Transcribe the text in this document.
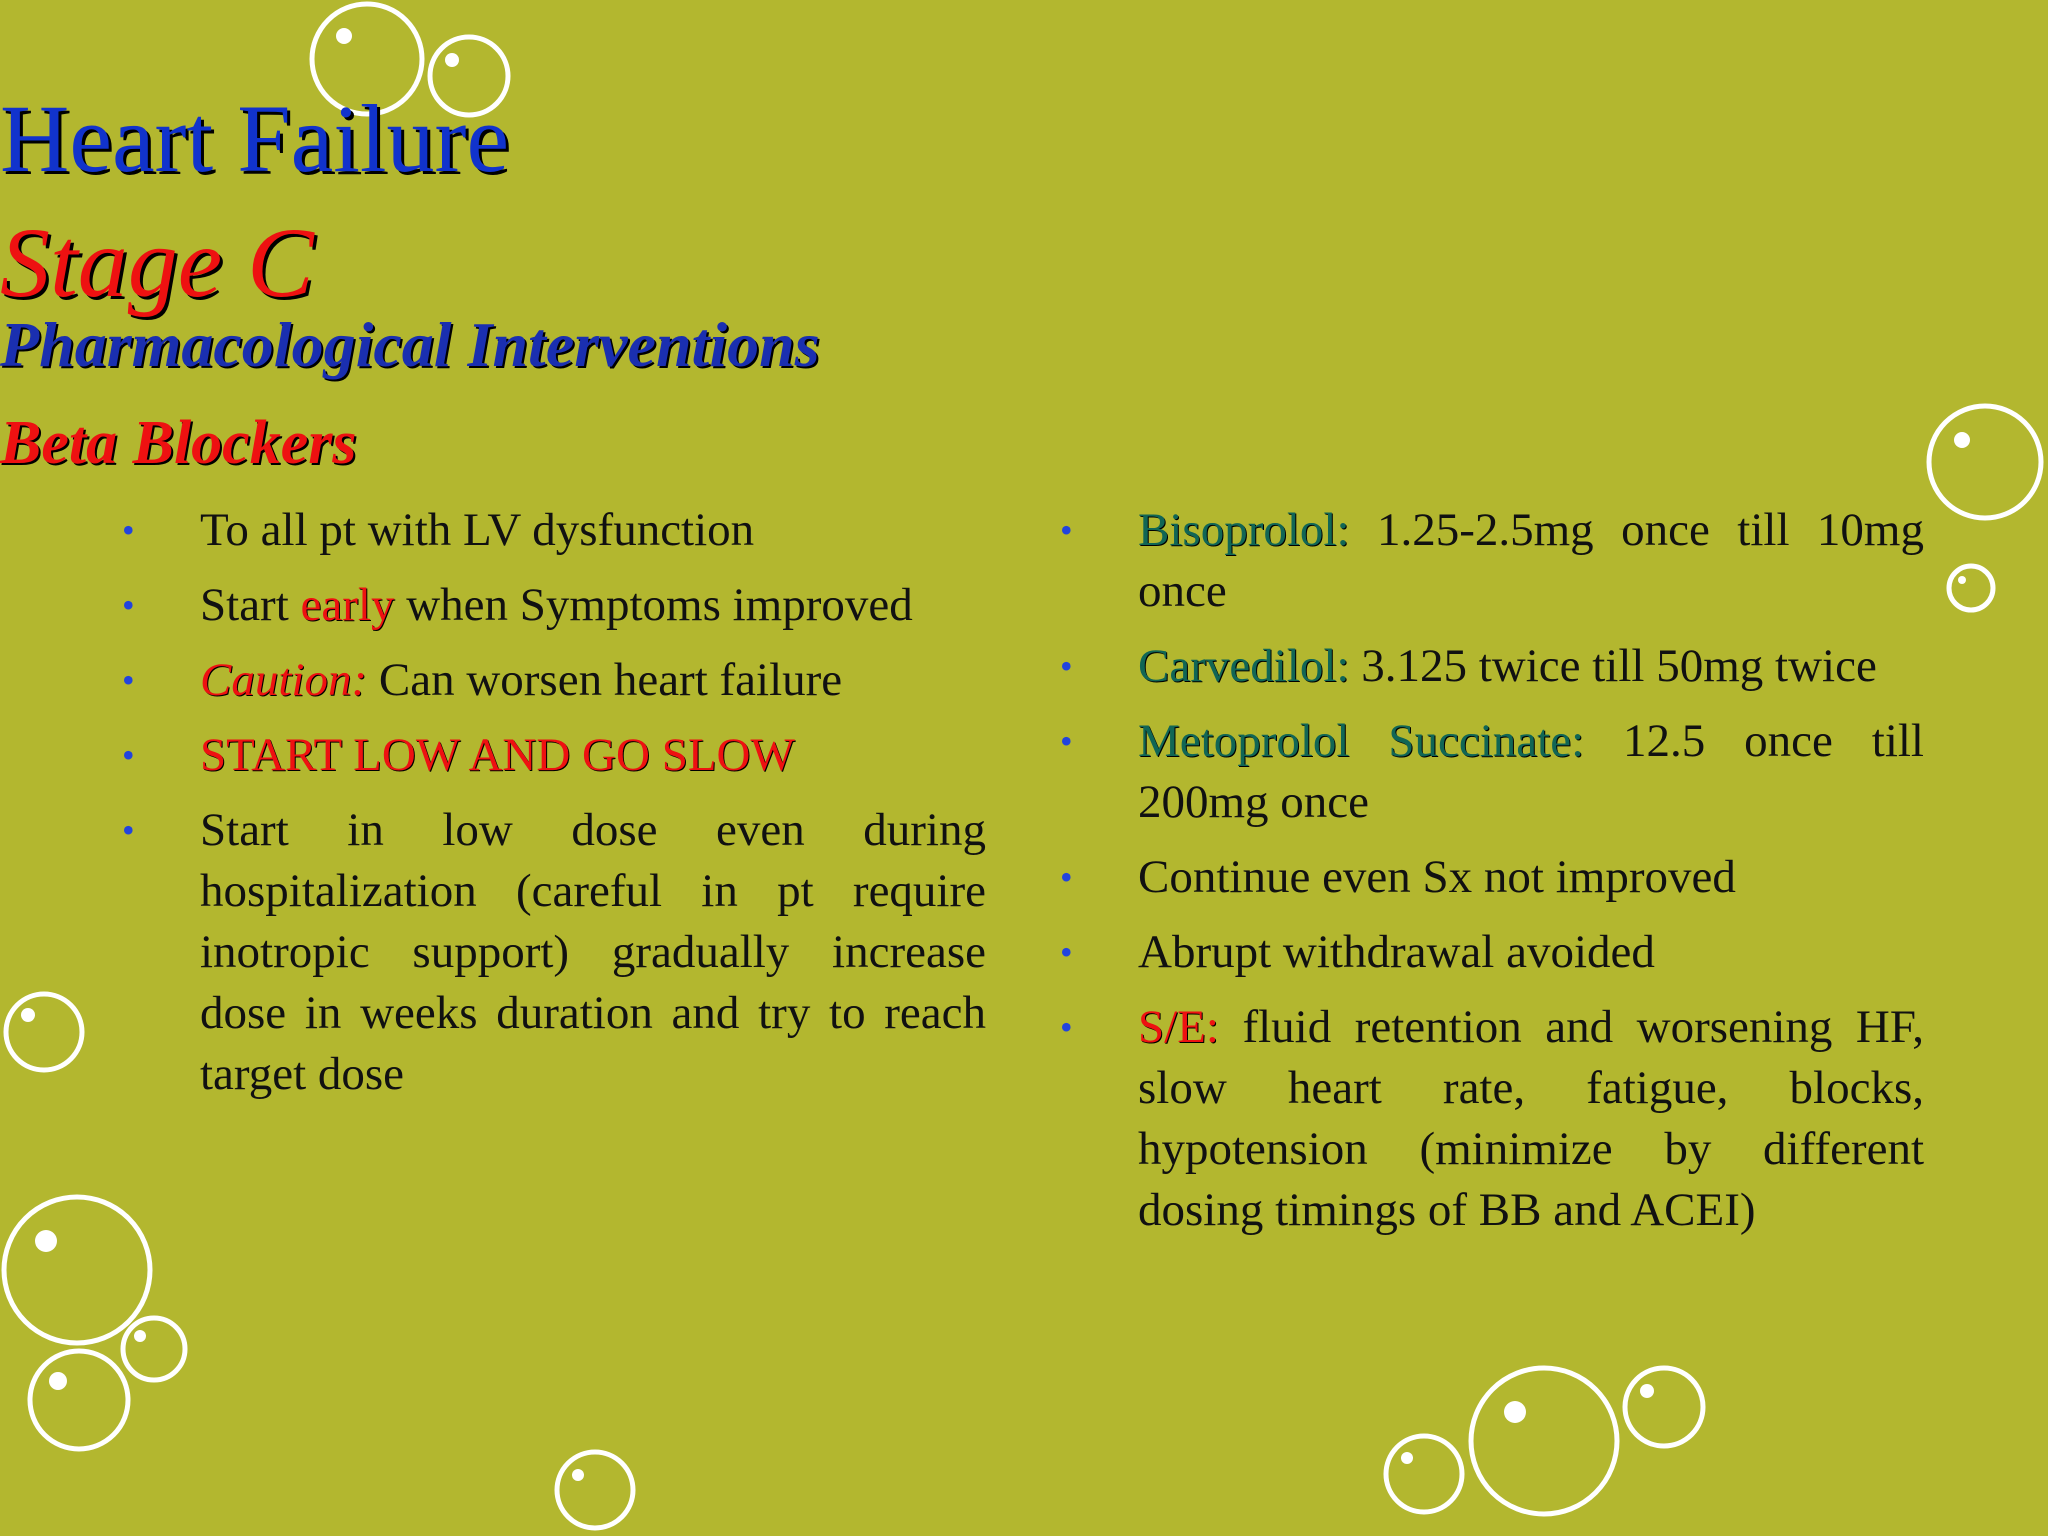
Heart Failure
Stage C
Pharmacological Interventions
Beta Blockers
• To all pt with LV dysfunction
• Start early when Symptoms improved
• Caution: Can worsen heart failure
• START LOW AND GO SLOW
• Start in low dose even during hospitalization (careful in pt require inotropic support) gradually increase dose in weeks duration and try to reach target dose
• Bisoprolol: 1.25-2.5mg once till 10mg once
• Carvedilol: 3.125 twice till 50mg twice
• Metoprolol Succinate: 12.5 once till 200mg once
• Continue even Sx not improved
• Abrupt withdrawal avoided
• S/E: fluid retention and worsening HF, slow heart rate, fatigue, blocks, hypotension (minimize by different dosing timings of BB and ACEI)
